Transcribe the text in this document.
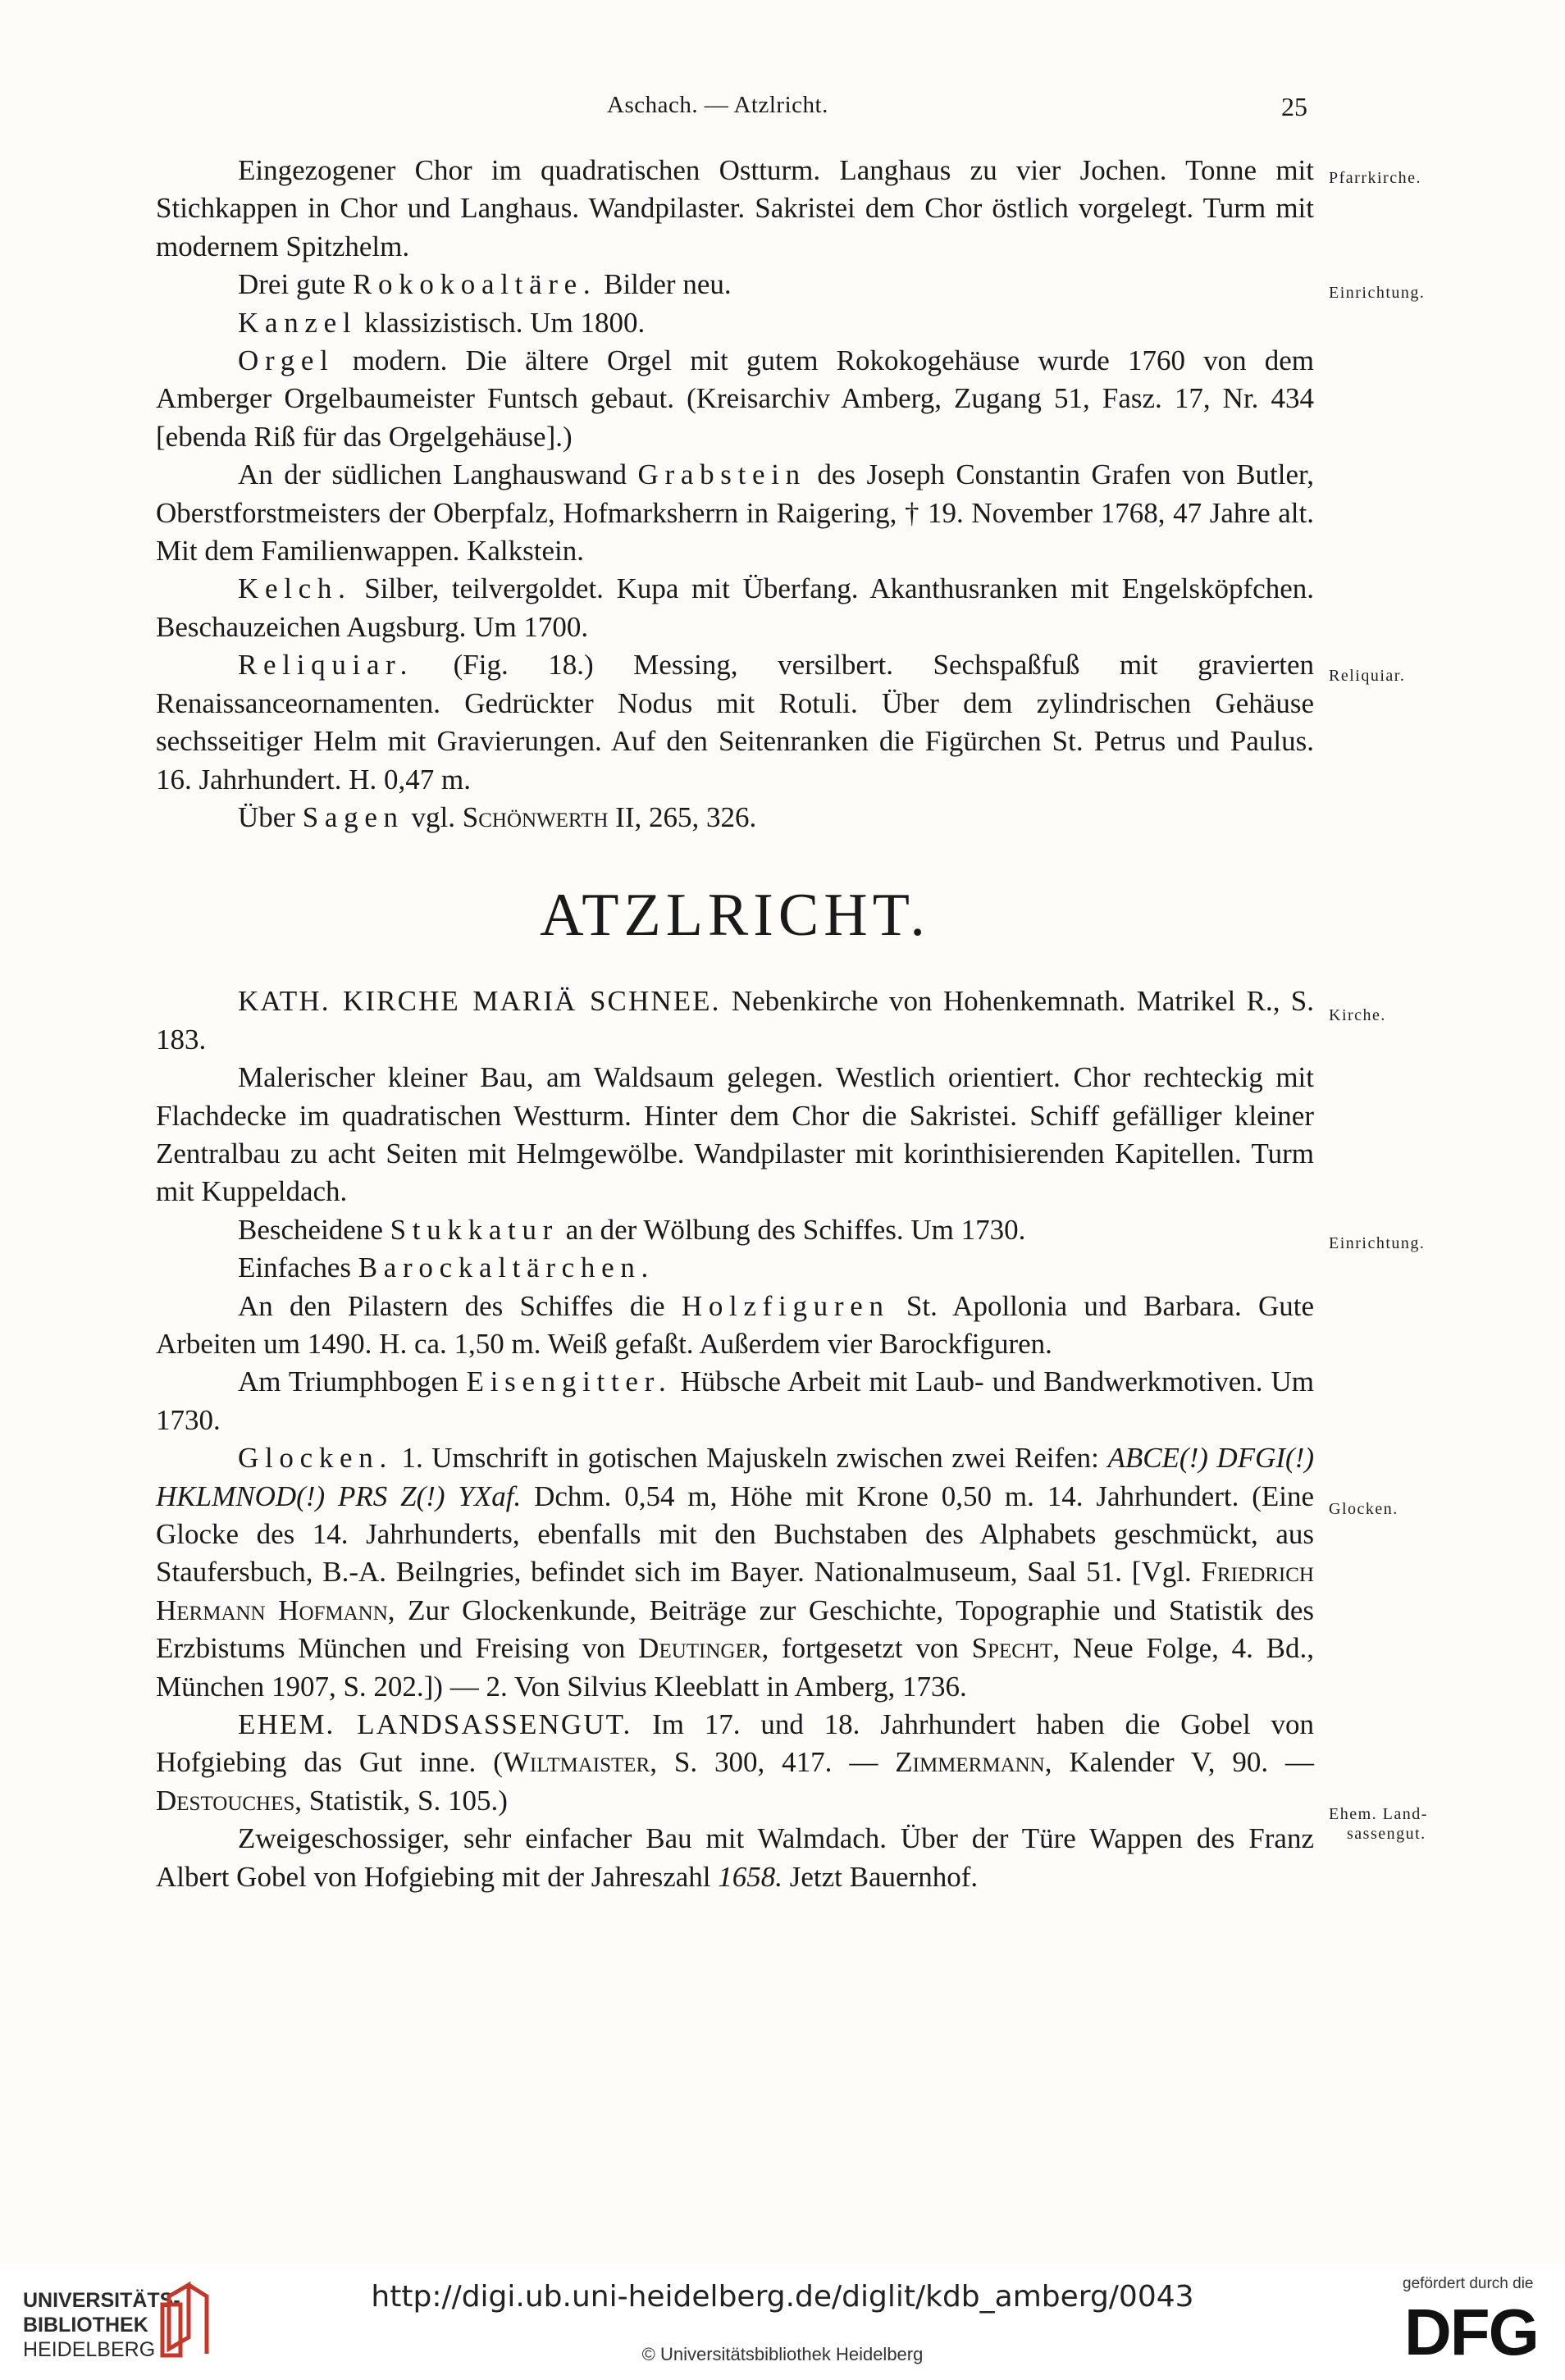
Aschach. — Atzlricht.	25
Pfarrkirche.
Einrichtung.
Reliquiar.
Kirche.
Einrichtung.
Glocken.
Ehem. Land-
sassengut.

Eingezogener Chor im quadratischen Ostturm. Langhaus zu vier Jochen. Tonne mit Stichkappen in Chor und Langhaus. Wandpilaster. Sakristei dem Chor östlich vorgelegt. Turm mit modernem Spitzhelm.

Drei gute Rokokoaltäre. Bilder neu.

Kanzel klassizistisch. Um 1800.

Orgel modern. Die ältere Orgel mit gutem Rokokogehäuse wurde 1760 von dem Amberger Orgelbaumeister Funtsch gebaut. (Kreisarchiv Amberg, Zugang 51, Fasz. 17, Nr. 434 [ebenda Riß für das Orgelgehäuse].)

An der südlichen Langhauswand Grabstein des Joseph Constantin Grafen von Butler, Oberstforstmeisters der Oberpfalz, Hofmarksherrn in Raigering, † 19. November 1768, 47 Jahre alt. Mit dem Familienwappen. Kalkstein.

Kelch. Silber, teilvergoldet. Kupa mit Überfang. Akanthusranken mit Engelsköpfchen. Beschauzeichen Augsburg. Um 1700.

Reliquiar. (Fig. 18.) Messing, versilbert. Sechspaßfuß mit gravierten Renaissanceornamenten. Gedrückter Nodus mit Rotuli. Über dem zylindrischen Gehäuse sechsseitiger Helm mit Gravierungen. Auf den Seitenranken die Figürchen St. Petrus und Paulus. 16. Jahrhundert. H. 0,47 m.

Über Sagen vgl. Schönwerth II, 265, 326.

ATZLRICHT.

KATH. KIRCHE MARIÄ SCHNEE. Nebenkirche von Hohenkemnath. Matrikel R., S. 183.

Malerischer kleiner Bau, am Waldsaum gelegen. Westlich orientiert. Chor rechteckig mit Flachdecke im quadratischen Westturm. Hinter dem Chor die Sakristei. Schiff gefälliger kleiner Zentralbau zu acht Seiten mit Helmgewölbe. Wandpilaster mit korinthisierenden Kapitellen. Turm mit Kuppeldach.

Bescheidene Stukkatur an der Wölbung des Schiffes. Um 1730.

Einfaches Barockaltärchen.

An den Pilastern des Schiffes die Holzfiguren St. Apollonia und Barbara. Gute Arbeiten um 1490. H. ca. 1,50 m. Weiß gefaßt. Außerdem vier Barockfiguren.

Am Triumphbogen Eisengitter. Hübsche Arbeit mit Laub- und Bandwerkmotiven. Um 1730.

Glocken. 1. Umschrift in gotischen Majuskeln zwischen zwei Reifen: ABCE(!) DFGI(!) HKLMNOD(!) PRS Z(!) YXaf. Dchm. 0,54 m, Höhe mit Krone 0,50 m. 14. Jahrhundert. (Eine Glocke des 14. Jahrhunderts, ebenfalls mit den Buchstaben des Alphabets geschmückt, aus Staufersbuch, B.-A. Beilngries, befindet sich im Bayer. Nationalmuseum, Saal 51. [Vgl. Friedrich Hermann Hofmann, Zur Glockenkunde, Beiträge zur Geschichte, Topographie und Statistik des Erzbistums München und Freising von Deutinger, fortgesetzt von Specht, Neue Folge, 4. Bd., München 1907, S. 202.]) — 2. Von Silvius Kleeblatt in Amberg, 1736.

EHEM. LANDSASSENGUT. Im 17. und 18. Jahrhundert haben die Gobel von Hofgiebing das Gut inne. (Wiltmaister, S. 300, 417. — Zimmermann, Kalender V, 90. — Destouches, Statistik, S. 105.)

Zweigeschossiger, sehr einfacher Bau mit Walmdach. Über der Türe Wappen des Franz Albert Gobel von Hofgiebing mit der Jahreszahl 1658. Jetzt Bauernhof.

UNIVERSITÄTS-
BIBLIOTHEK
HEIDELBERG
http://digi.ub.uni-heidelberg.de/diglit/kdb_amberg/0043
© Universitätsbibliothek Heidelberg
gefördert durch die
DFG
